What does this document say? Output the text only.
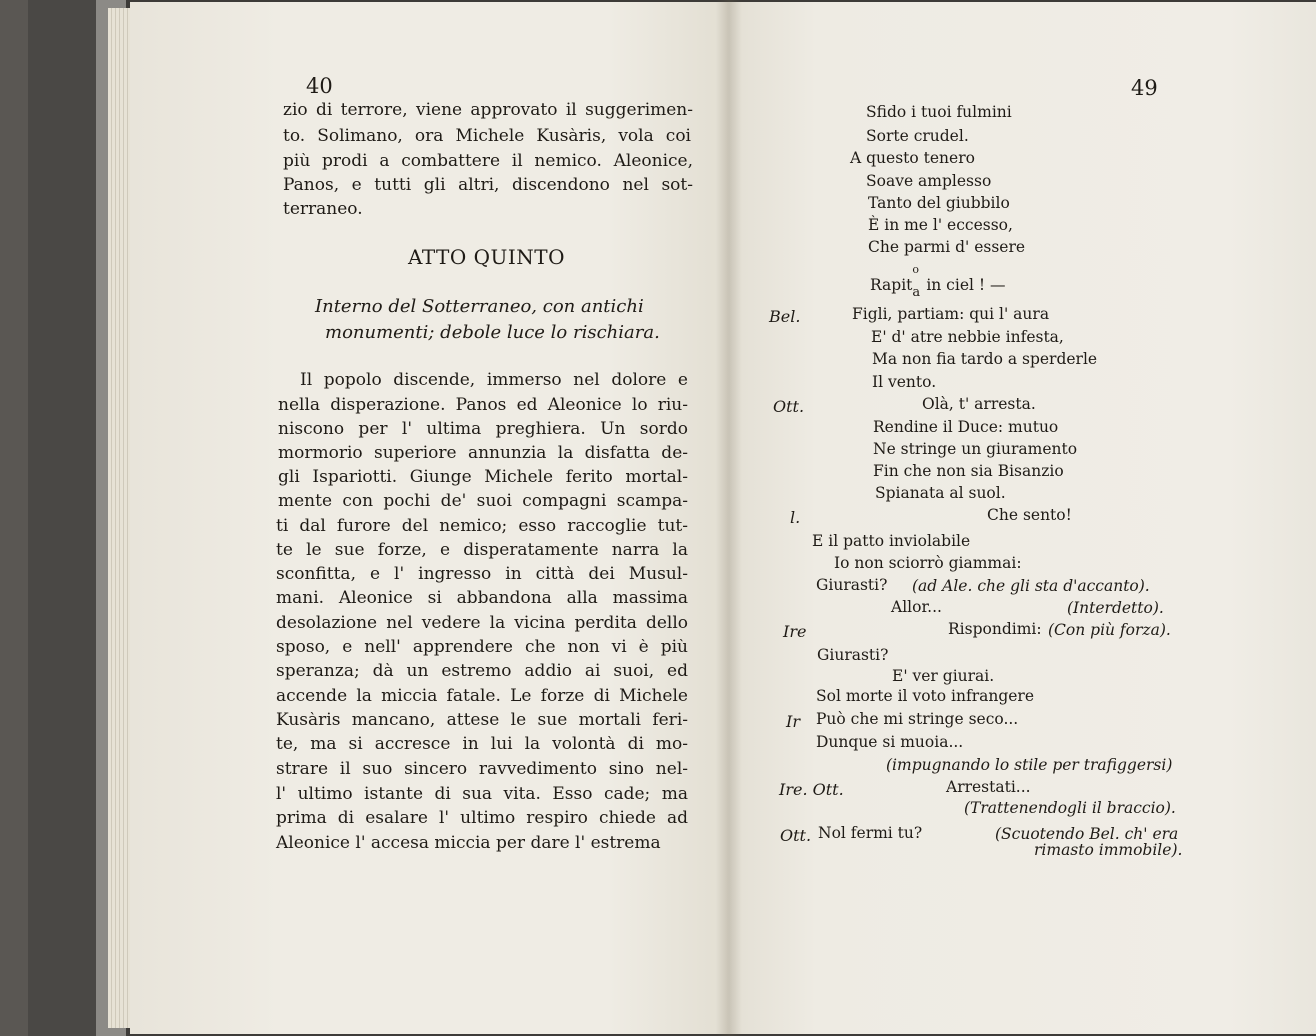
40
zio di terrore, viene approvato il suggerimen-
to. Solimano, ora Michele Kusàris, vola coi
più prodi a combattere il nemico. Aleonice,
Panos, e tutti gli altri, discendono nel sot-
terraneo.
ATTO QUINTO
Interno del Sotterraneo, con antichi
monumenti; debole luce lo rischiara.
Il popolo discende, immerso nel dolore e
nella disperazione. Panos ed Aleonice lo riu-
niscono per l' ultima preghiera. Un sordo
mormorio superiore annunzia la disfatta de-
gli Ispariotti. Giunge Michele ferito mortal-
mente con pochi de' suoi compagni scampa-
ti dal furore del nemico; esso raccoglie tut-
te le sue forze, e disperatamente narra la
sconfitta, e l' ingresso in città dei Musul-
mani. Aleonice si abbandona alla massima
desolazione nel vedere la vicina perdita dello
sposo, e nell' apprendere che non vi è più
speranza; dà un estremo addio ai suoi, ed
accende la miccia fatale. Le forze di Michele
Kusàris mancano, attese le sue mortali feri-
te, ma si accresce in lui la volontà di mo-
strare il suo sincero ravvedimento sino nel-
l' ultimo istante di sua vita. Esso cade; ma
prima di esalare l' ultimo respiro chiede ad
Aleonice l' accesa miccia per dare l' estrema
49
Sfido i tuoi fulmini
Sorte crudel.
A questo tenero
Soave amplesso
Tanto del giubbilo
È in me l' eccesso,
Che parmi d' essere
Rapit
o
a in ciel ! —
Bel.	Figli, partiam: qui l' aura
E' d' atre nebbie infesta,
Ma non fia tardo a sperderle
Il vento.
Ott.	Olà, t' arresta.
Rendine il Duce: mutuo
Ne stringe un giuramento
Fin che non sia Bisanzio
Spianata al suol.
l.	Che sento!
E il patto inviolabile
Io non sciorrò giammai:
Giurasti? (ad Ale. che gli sta d'accanto).
Allor...	(Interdetto).
Ire	Rispondimi: (Con più forza).
Giurasti?
E' ver giurai.
Sol morte il voto infrangere
Ir Può che mi stringe seco...
Dunque si muoia...
(impugnando lo stile per trafiggersi)
Ire. Ott.	Arrestati...
(Trattenendogli il braccio).
Ott. Nol fermi tu?	(Scuotendo Bel. ch' era
rimasto immobile).
